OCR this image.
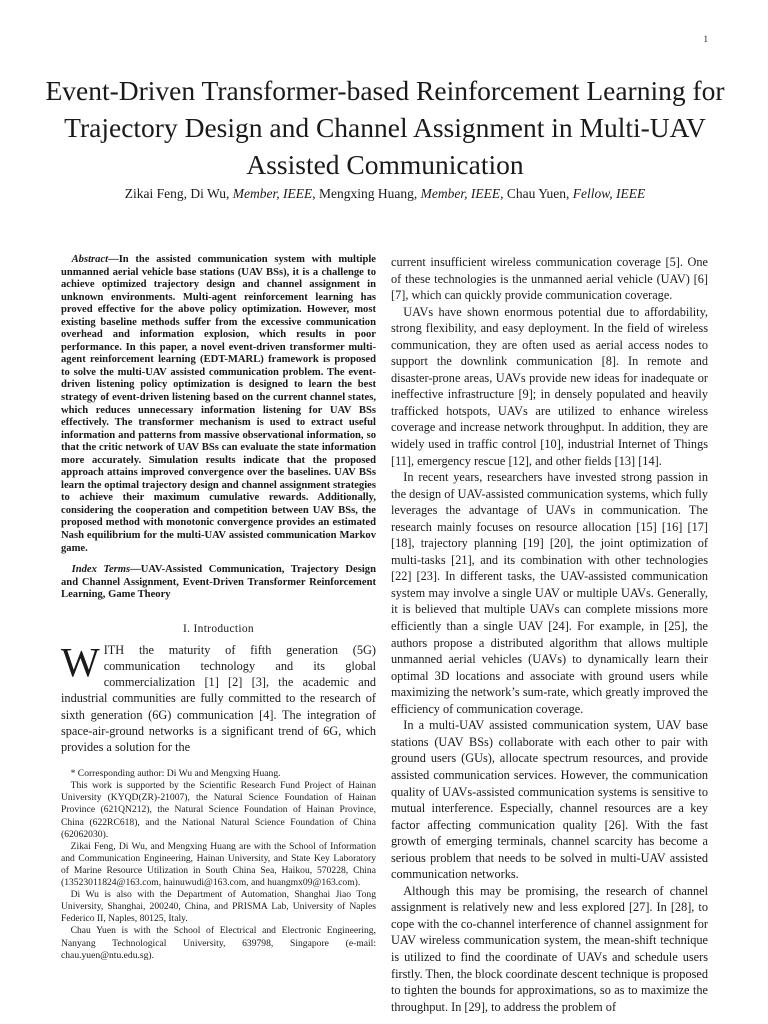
1
Event-Driven Transformer-based Reinforcement Learning for Trajectory Design and Channel Assignment in Multi-UAV Assisted Communication
Zikai Feng, Di Wu, Member, IEEE, Mengxing Huang, Member, IEEE, Chau Yuen, Fellow, IEEE

Abstract—In the assisted communication system with multiple unmanned aerial vehicle base stations (UAV BSs), it is a challenge to achieve optimized trajectory design and channel assignment in unknown environments. Multi-agent reinforcement learning has proved effective for the above policy optimization. However, most existing baseline methods suffer from the excessive communication overhead and information explosion, which results in poor performance. In this paper, a novel event-driven transformer multi-agent reinforcement learning (EDT-MARL) framework is proposed to solve the multi-UAV assisted communication problem. The event-driven listening policy optimization is designed to learn the best strategy of event-driven listening based on the current channel states, which reduces unnecessary information listening for UAV BSs effectively. The transformer mechanism is used to extract useful information and patterns from massive observational information, so that the critic network of UAV BSs can evaluate the state information more accurately. Simulation results indicate that the proposed approach attains improved convergence over the baselines. UAV BSs learn the optimal trajectory design and channel assignment strategies to achieve their maximum cumulative rewards. Additionally, considering the cooperation and competition between UAV BSs, the proposed method with monotonic convergence provides an estimated Nash equilibrium for the multi-UAV assisted communication Markov game.

Index Terms—UAV-Assisted Communication, Trajectory Design and Channel Assignment, Event-Driven Transformer Reinforcement Learning, Game Theory

I. Introduction

WITH the maturity of fifth generation (5G) communication technology and its global commercialization [1] [2] [3], the academic and industrial communities are fully committed to the research of sixth generation (6G) communication [4]. The integration of space-air-ground networks is a significant trend of 6G, which provides a solution for the

* Corresponding author: Di Wu and Mengxing Huang.

This work is supported by the Scientific Research Fund Project of Hainan University (KYQD(ZR)-21007), the Natural Science Foundation of Hainan Province (621QN212), the Natural Science Foundation of Hainan Province, China (622RC618), and the National Natural Science Foundation of China (62062030).

Zikai Feng, Di Wu, and Mengxing Huang are with the School of Information and Communication Engineering, Hainan University, and State Key Laboratory of Marine Resource Utilization in South China Sea, Haikou, 570228, China (13523011824@163.com, hainuwudi@163.com, and huangmx09@163.com).

Di Wu is also with the Department of Automation, Shanghai Jiao Tong University, Shanghai, 200240, China, and PRISMA Lab, University of Naples Federico II, Naples, 80125, Italy.

Chau Yuen is with the School of Electrical and Electronic Engineering, Nanyang Technological University, 639798, Singapore (e-mail: chau.yuen@ntu.edu.sg).

current insufficient wireless communication coverage [5]. One of these technologies is the unmanned aerial vehicle (UAV) [6] [7], which can quickly provide communication coverage.

UAVs have shown enormous potential due to affordability, strong flexibility, and easy deployment. In the field of wireless communication, they are often used as aerial access nodes to support the downlink communication [8]. In remote and disaster-prone areas, UAVs provide new ideas for inadequate or ineffective infrastructure [9]; in densely populated and heavily trafficked hotspots, UAVs are utilized to enhance wireless coverage and increase network throughput. In addition, they are widely used in traffic control [10], industrial Internet of Things [11], emergency rescue [12], and other fields [13] [14].

In recent years, researchers have invested strong passion in the design of UAV-assisted communication systems, which fully leverages the advantage of UAVs in communication. The research mainly focuses on resource allocation [15] [16] [17] [18], trajectory planning [19] [20], the joint optimization of multi-tasks [21], and its combination with other technologies [22] [23]. In different tasks, the UAV-assisted communication system may involve a single UAV or multiple UAVs. Generally, it is believed that multiple UAVs can complete missions more efficiently than a single UAV [24]. For example, in [25], the authors propose a distributed algorithm that allows multiple unmanned aerial vehicles (UAVs) to dynamically learn their optimal 3D locations and associate with ground users while maximizing the network’s sum-rate, which greatly improved the efficiency of communication coverage.

In a multi-UAV assisted communication system, UAV base stations (UAV BSs) collaborate with each other to pair with ground users (GUs), allocate spectrum resources, and provide assisted communication services. However, the communication quality of UAVs-assisted communication systems is sensitive to mutual interference. Especially, channel resources are a key factor affecting communication quality [26]. With the fast growth of emerging terminals, channel scarcity has become a serious problem that needs to be solved in multi-UAV assisted communication networks.

Although this may be promising, the research of channel assignment is relatively new and less explored [27]. In [28], to cope with the co-channel interference of channel assignment for UAV wireless communication system, the mean-shift technique is utilized to find the coordinate of UAVs and schedule users firstly. Then, the block coordinate descent technique is proposed to tighten the bounds for approximations, so as to maximize the throughput. In [29], to address the problem of
